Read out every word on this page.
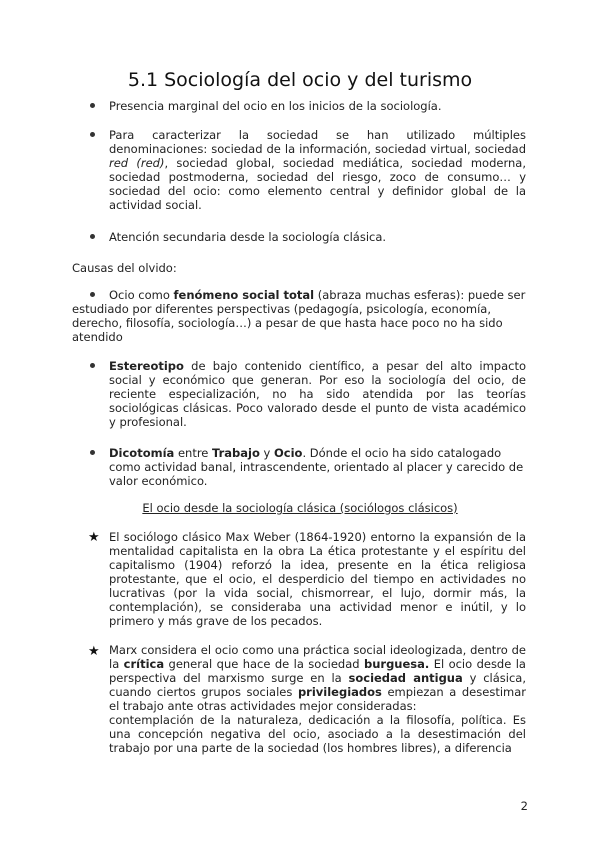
5.1 Sociología del ocio y del turismo

Presencia marginal del ocio en los inicios de la sociología.

Para caracterizar la sociedad se han utilizado múltiples denominaciones: sociedad de la información, sociedad virtual, sociedad red (red), sociedad global, sociedad mediática, sociedad moderna, sociedad postmoderna, sociedad del riesgo, zoco de consumo… y sociedad del ocio: como elemento central y definidor global de la actividad social.

Atención secundaria desde la sociología clásica.

Causas del olvido:

Ocio como fenómeno social total (abraza muchas esferas): puede ser estudiado por diferentes perspectivas (pedagogía, psicología, economía, derecho, filosofía, sociología…) a pesar de que hasta hace poco no ha sido atendido

Estereotipo de bajo contenido científico, a pesar del alto impacto social y económico que generan. Por eso la sociología del ocio, de reciente especialización, no ha sido atendida por las teorías sociológicas clásicas. Poco valorado desde el punto de vista académico y profesional.

Dicotomía entre Trabajo y Ocio. Dónde el ocio ha sido catalogado como actividad banal, intrascendente, orientado al placer y carecido de valor económico.

El ocio desde la sociología clásica (sociólogos clásicos)

★ El sociólogo clásico Max Weber (1864-1920) entorno la expansión de la mentalidad capitalista en la obra La ética protestante y el espíritu del capitalismo (1904) reforzó la idea, presente en la ética religiosa protestante, que el ocio, el desperdicio del tiempo en actividades no lucrativas (por la vida social, chismorrear, el lujo, dormir más, la contemplación), se consideraba una actividad menor e inútil, y lo primero y más grave de los pecados.

★ Marx considera el ocio como una práctica social ideologizada, dentro de la crítica general que hace de la sociedad burguesa. El ocio desde la perspectiva del marxismo surge en la sociedad antigua y clásica, cuando ciertos grupos sociales privilegiados empiezan a desestimar el trabajo ante otras actividades mejor consideradas:
contemplación de la naturaleza, dedicación a la filosofía, política. Es una concepción negativa del ocio, asociado a la desestimación del trabajo por una parte de la sociedad (los hombres libres), a diferencia

2
